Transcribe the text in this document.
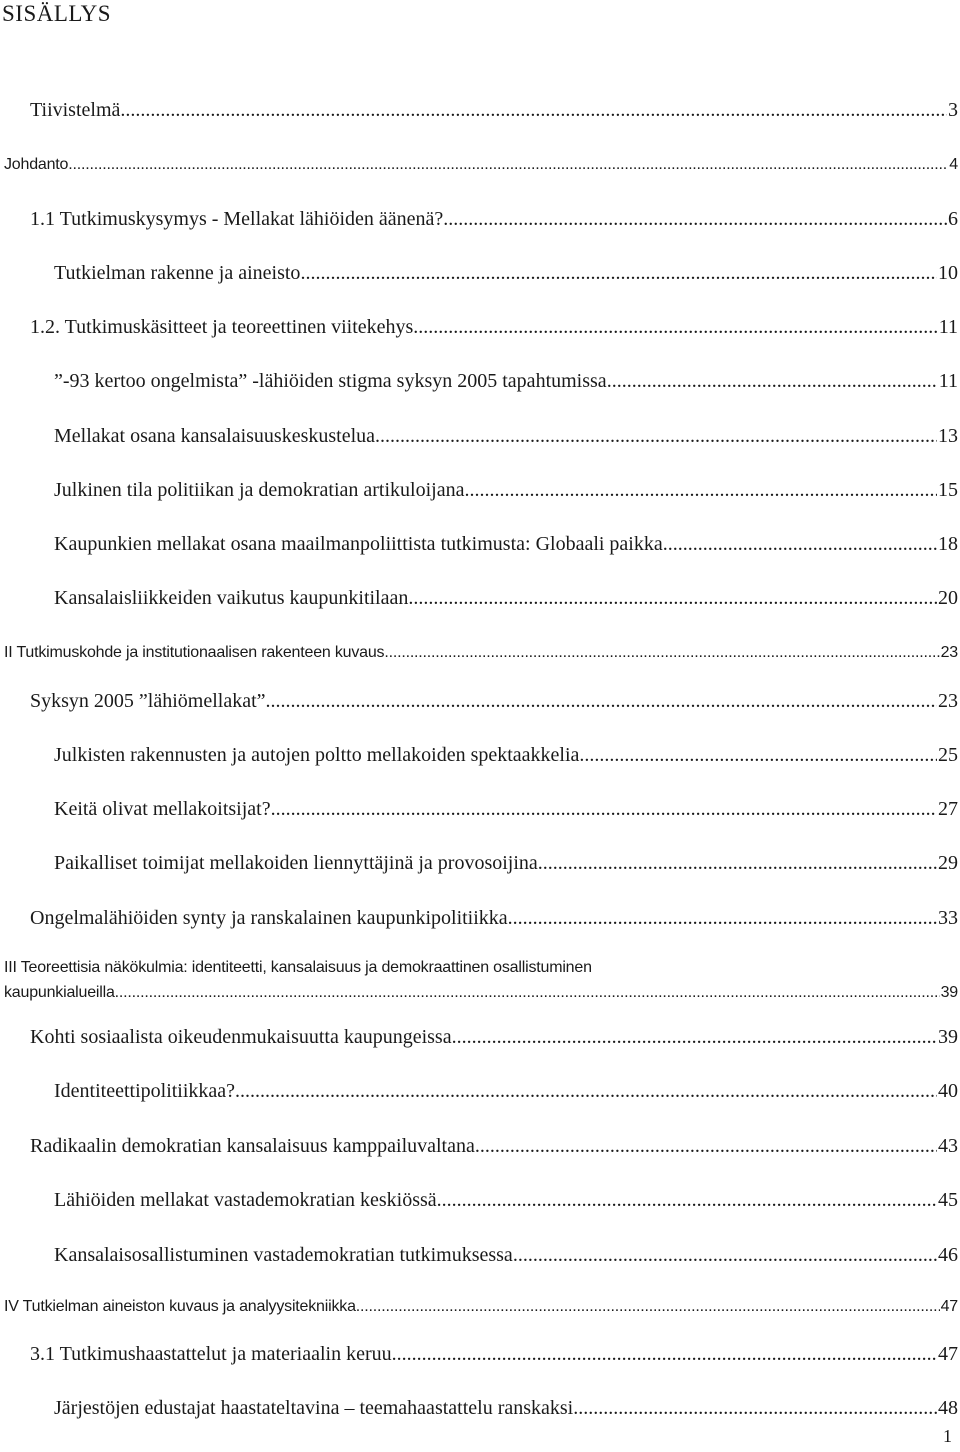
SISÄLLYS
Tiivistelmä .....	3
Johdanto .....	4
1.1 Tutkimuskysymys - Mellakat lähiöiden äänenä? .....	6
Tutkielman rakenne ja aineisto .....	10
1.2. Tutkimuskäsitteet ja teoreettinen viitekehys .....	11
”-93 kertoo ongelmista” -lähiöiden stigma syksyn 2005 tapahtumissa .....	11
Mellakat osana kansalaisuuskeskustelua .....	13
Julkinen tila politiikan ja demokratian artikuloijana .....	15
Kaupunkien mellakat osana maailmanpoliittista tutkimusta: Globaali paikka .....	18
Kansalaisliikkeiden vaikutus kaupunkitilaan .....	20
II Tutkimuskohde ja institutionaalisen rakenteen kuvaus .....	23
Syksyn 2005 ”lähiömellakat” .....	23
Julkisten rakennusten ja autojen poltto mellakoiden spektaakkelia .....	25
Keitä olivat mellakoitsijat? .....	27
Paikalliset toimijat mellakoiden liennyttäjinä ja provosoijina .....	29
Ongelmalähiöiden synty ja ranskalainen kaupunkipolitiikka .....	33
III Teoreettisia näkökulmia: identiteetti, kansalaisuus ja demokraattinen osallistuminen
kaupunkialueilla .....	39
Kohti sosiaalista oikeudenmukaisuutta kaupungeissa .....	39
Identiteettipolitiikkaa? .....	40
Radikaalin demokratian kansalaisuus kamppailuvaltana .....	43
Lähiöiden mellakat vastademokratian keskiössä .....	45
Kansalaisosallistuminen vastademokratian tutkimuksessa .....	46
IV Tutkielman aineiston kuvaus ja analyysitekniikka .....	47
3.1 Tutkimushaastattelut ja materiaalin keruu .....	47
Järjestöjen edustajat haastateltavina – teemahaastattelu ranskaksi .....	48
1
